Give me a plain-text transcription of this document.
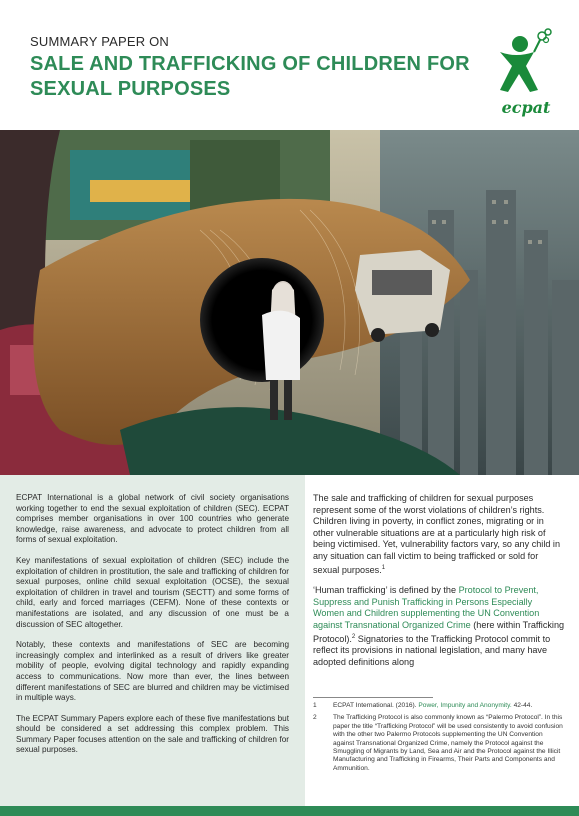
SUMMARY PAPER ON
SALE AND TRAFFICKING OF CHILDREN FOR SEXUAL PURPOSES
ecpat

ECPAT International is a global network of civil society organisations working together to end the sexual exploitation of children (SEC). ECPAT comprises member organisations in over 100 countries who generate knowledge, raise awareness, and advocate to protect children from all forms of sexual exploitation.

Key manifestations of sexual exploitation of children (SEC) include the exploitation of children in prostitution, the sale and trafficking of children for sexual purposes, online child sexual exploitation (OCSE), the sexual exploitation of children in travel and tourism (SECTT) and some forms of child, early and forced marriages (CEFM). None of these contexts or manifestations are isolated, and any discussion of one must be a discussion of SEC altogether.

Notably, these contexts and manifestations of SEC are becoming increasingly complex and interlinked as a result of drivers like greater mobility of people, evolving digital technology and rapidly expanding access to communications. Now more than ever, the lines between different manifestations of SEC are blurred and children may be victimised in multiple ways.

The ECPAT Summary Papers explore each of these five manifestations but should be considered a set addressing this complex problem. This Summary Paper focuses attention on the sale and trafficking of children for sexual purposes.

The sale and trafficking of children for sexual purposes represent some of the worst violations of children’s rights. Children living in poverty, in conflict zones, migrating or in other vulnerable situations are at a particularly high risk of being victimised. Yet, vulnerability factors vary, so any child in any situation can fall victim to being trafficked or sold for sexual purposes.$^1$

‘Human trafficking’ is defined by the Protocol to Prevent, Suppress and Punish Trafficking in Persons Especially Women and Children supplementing the UN Convention against Transnational Organized Crime (here within Trafficking Protocol).$^2$ Signatories to the Trafficking Protocol commit to reflect its provisions in national legislation, and many have adopted definitions along

1	ECPAT International. (2016). Power, Impunity and Anonymity. 42-44.
2	The Trafficking Protocol is also commonly known as “Palermo Protocol”. In this paper the title “Trafficking Protocol” will be used consistently to avoid confusion with the other two Palermo Protocols supplementing the UN Convention against Transnational Organized Crime, namely the Protocol against the Smuggling of Migrants by Land, Sea and Air and the Protocol against the Illicit Manufacturing and Trafficking in Firearms, Their Parts and Components and Ammunition.
